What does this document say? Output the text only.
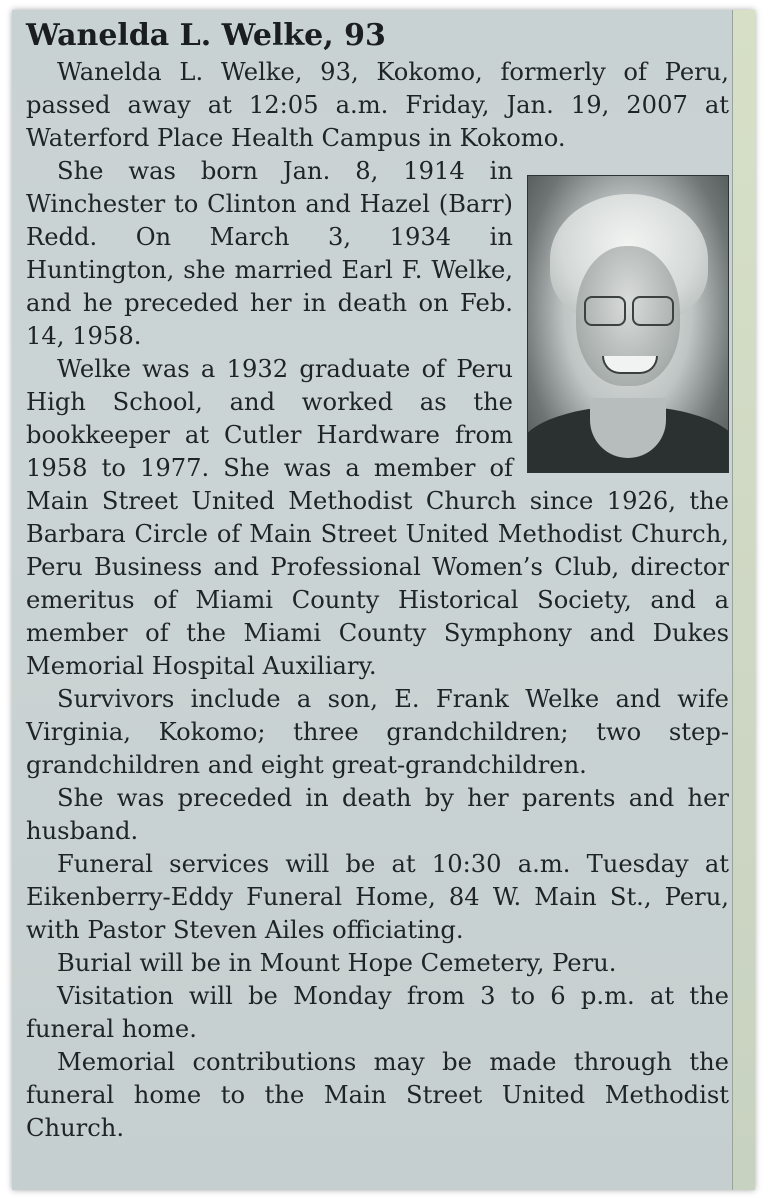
Wanelda L. Welke, 93

Wanelda L. Welke, 93, Kokomo, formerly of Peru, passed away at 12:05 a.m. Friday, Jan. 19, 2007 at Waterford Place Health Campus in Kokomo.

She was born Jan. 8, 1914 in Winchester to Clinton and Hazel (Barr) Redd. On March 3, 1934 in Huntington, she married Earl F. Welke, and he preceded her in death on Feb. 14, 1958.

Welke was a 1932 graduate of Peru High School, and worked as the bookkeeper at Cutler Hardware from 1958 to 1977. She was a member of Main Street United Methodist Church since 1926, the Barbara Circle of Main Street United Methodist Church, Peru Business and Professional Women’s Club, director emeritus of Miami County Historical Society, and a member of the Miami County Symphony and Dukes Memorial Hospital Auxiliary.

Survivors include a son, E. Frank Welke and wife Virginia, Kokomo; three grandchildren; two step-grandchildren and eight great-grandchildren.

She was preceded in death by her parents and her husband.

Funeral services will be at 10:30 a.m. Tuesday at Eikenberry-Eddy Funeral Home, 84 W. Main St., Peru, with Pastor Steven Ailes officiating.

Burial will be in Mount Hope Cemetery, Peru.

Visitation will be Monday from 3 to 6 p.m. at the funeral home.

Memorial contributions may be made through the funeral home to the Main Street United Methodist Church.
